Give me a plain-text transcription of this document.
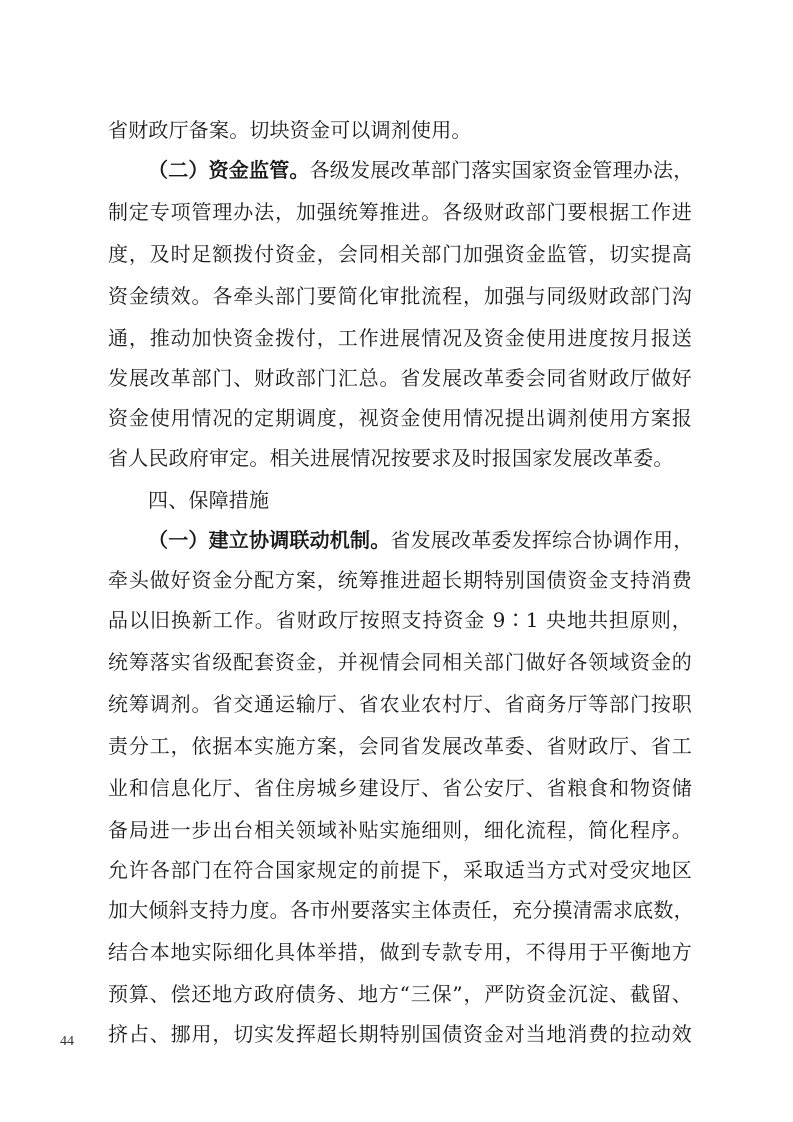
省财政厅备案。切块资金可以调剂使用。
（二）资金监管。各级发展改革部门落实国家资金管理办法，
制定专项管理办法，加强统筹推进。各级财政部门要根据工作进
度，及时足额拨付资金，会同相关部门加强资金监管，切实提高
资金绩效。各牵头部门要简化审批流程，加强与同级财政部门沟
通，推动加快资金拨付，工作进展情况及资金使用进度按月报送
发展改革部门、财政部门汇总。省发展改革委会同省财政厅做好
资金使用情况的定期调度，视资金使用情况提出调剂使用方案报
省人民政府审定。相关进展情况按要求及时报国家发展改革委。
四、保障措施
（一）建立协调联动机制。省发展改革委发挥综合协调作用，
牵头做好资金分配方案，统筹推进超长期特别国债资金支持消费
品以旧换新工作。省财政厅按照支持资金 9∶1 央地共担原则，
统筹落实省级配套资金，并视情会同相关部门做好各领域资金的
统筹调剂。省交通运输厅、省农业农村厅、省商务厅等部门按职
责分工，依据本实施方案，会同省发展改革委、省财政厅、省工
业和信息化厅、省住房城乡建设厅、省公安厅、省粮食和物资储
备局进一步出台相关领域补贴实施细则，细化流程，简化程序。
允许各部门在符合国家规定的前提下，采取适当方式对受灾地区
加大倾斜支持力度。各市州要落实主体责任，充分摸清需求底数，
结合本地实际细化具体举措，做到专款专用，不得用于平衡地方
预算、偿还地方政府债务、地方“三保”，严防资金沉淀、截留、
挤占、挪用，切实发挥超长期特别国债资金对当地消费的拉动效
44
